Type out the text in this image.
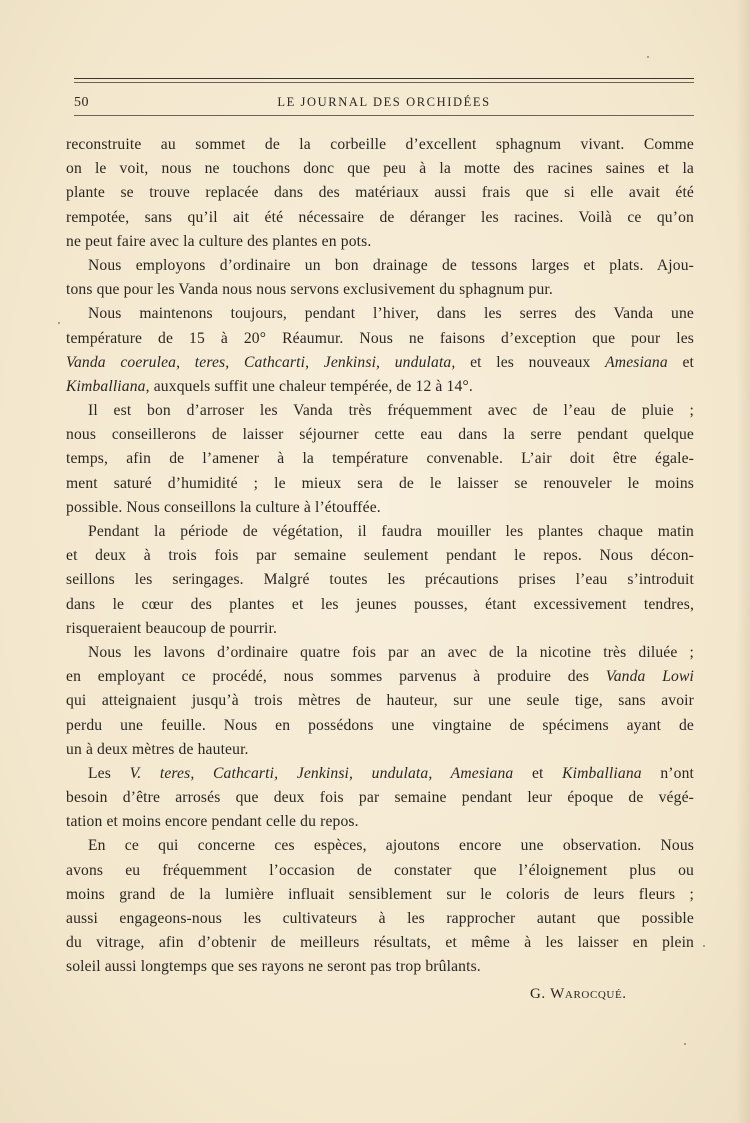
50	LE JOURNAL DES ORCHIDÉES
reconstruite au sommet de la corbeille d’excellent sphagnum vivant. Comme
on le voit, nous ne touchons donc que peu à la motte des racines saines et la
plante se trouve replacée dans des matériaux aussi frais que si elle avait été
rempotée, sans qu’il ait été nécessaire de déranger les racines. Voilà ce qu’on
ne peut faire avec la culture des plantes en pots.
Nous employons d’ordinaire un bon drainage de tessons larges et plats. Ajou-
tons que pour les Vanda nous nous servons exclusivement du sphagnum pur.
Nous maintenons toujours, pendant l’hiver, dans les serres des Vanda une
température de 15 à 20° Réaumur. Nous ne faisons d’exception que pour les
Vanda coerulea, teres, Cathcarti, Jenkinsi, undulata, et les nouveaux Amesiana et
Kimballiana, auxquels suffit une chaleur tempérée, de 12 à 14°.
Il est bon d’arroser les Vanda très fréquemment avec de l’eau de pluie ;
nous conseillerons de laisser séjourner cette eau dans la serre pendant quelque
temps, afin de l’amener à la température convenable. L’air doit être égale-
ment saturé d’humidité ; le mieux sera de le laisser se renouveler le moins
possible. Nous conseillons la culture à l’étouffée.
Pendant la période de végétation, il faudra mouiller les plantes chaque matin
et deux à trois fois par semaine seulement pendant le repos. Nous décon-
seillons les seringages. Malgré toutes les précautions prises l’eau s’introduit
dans le cœur des plantes et les jeunes pousses, étant excessivement tendres,
risqueraient beaucoup de pourrir.
Nous les lavons d’ordinaire quatre fois par an avec de la nicotine très diluée ;
en employant ce procédé, nous sommes parvenus à produire des Vanda Lowi
qui atteignaient jusqu’à trois mètres de hauteur, sur une seule tige, sans avoir
perdu une feuille. Nous en possédons une vingtaine de spécimens ayant de
un à deux mètres de hauteur.
Les V. teres, Cathcarti, Jenkinsi, undulata, Amesiana et Kimballiana n’ont
besoin d’être arrosés que deux fois par semaine pendant leur époque de végé-
tation et moins encore pendant celle du repos.
En ce qui concerne ces espèces, ajoutons encore une observation. Nous
avons eu fréquemment l’occasion de constater que l’éloignement plus ou
moins grand de la lumière influait sensiblement sur le coloris de leurs fleurs ;
aussi engageons-nous les cultivateurs à les rapprocher autant que possible
du vitrage, afin d’obtenir de meilleurs résultats, et même à les laisser en plein
soleil aussi longtemps que ses rayons ne seront pas trop brûlants.
G. Warocqué.
